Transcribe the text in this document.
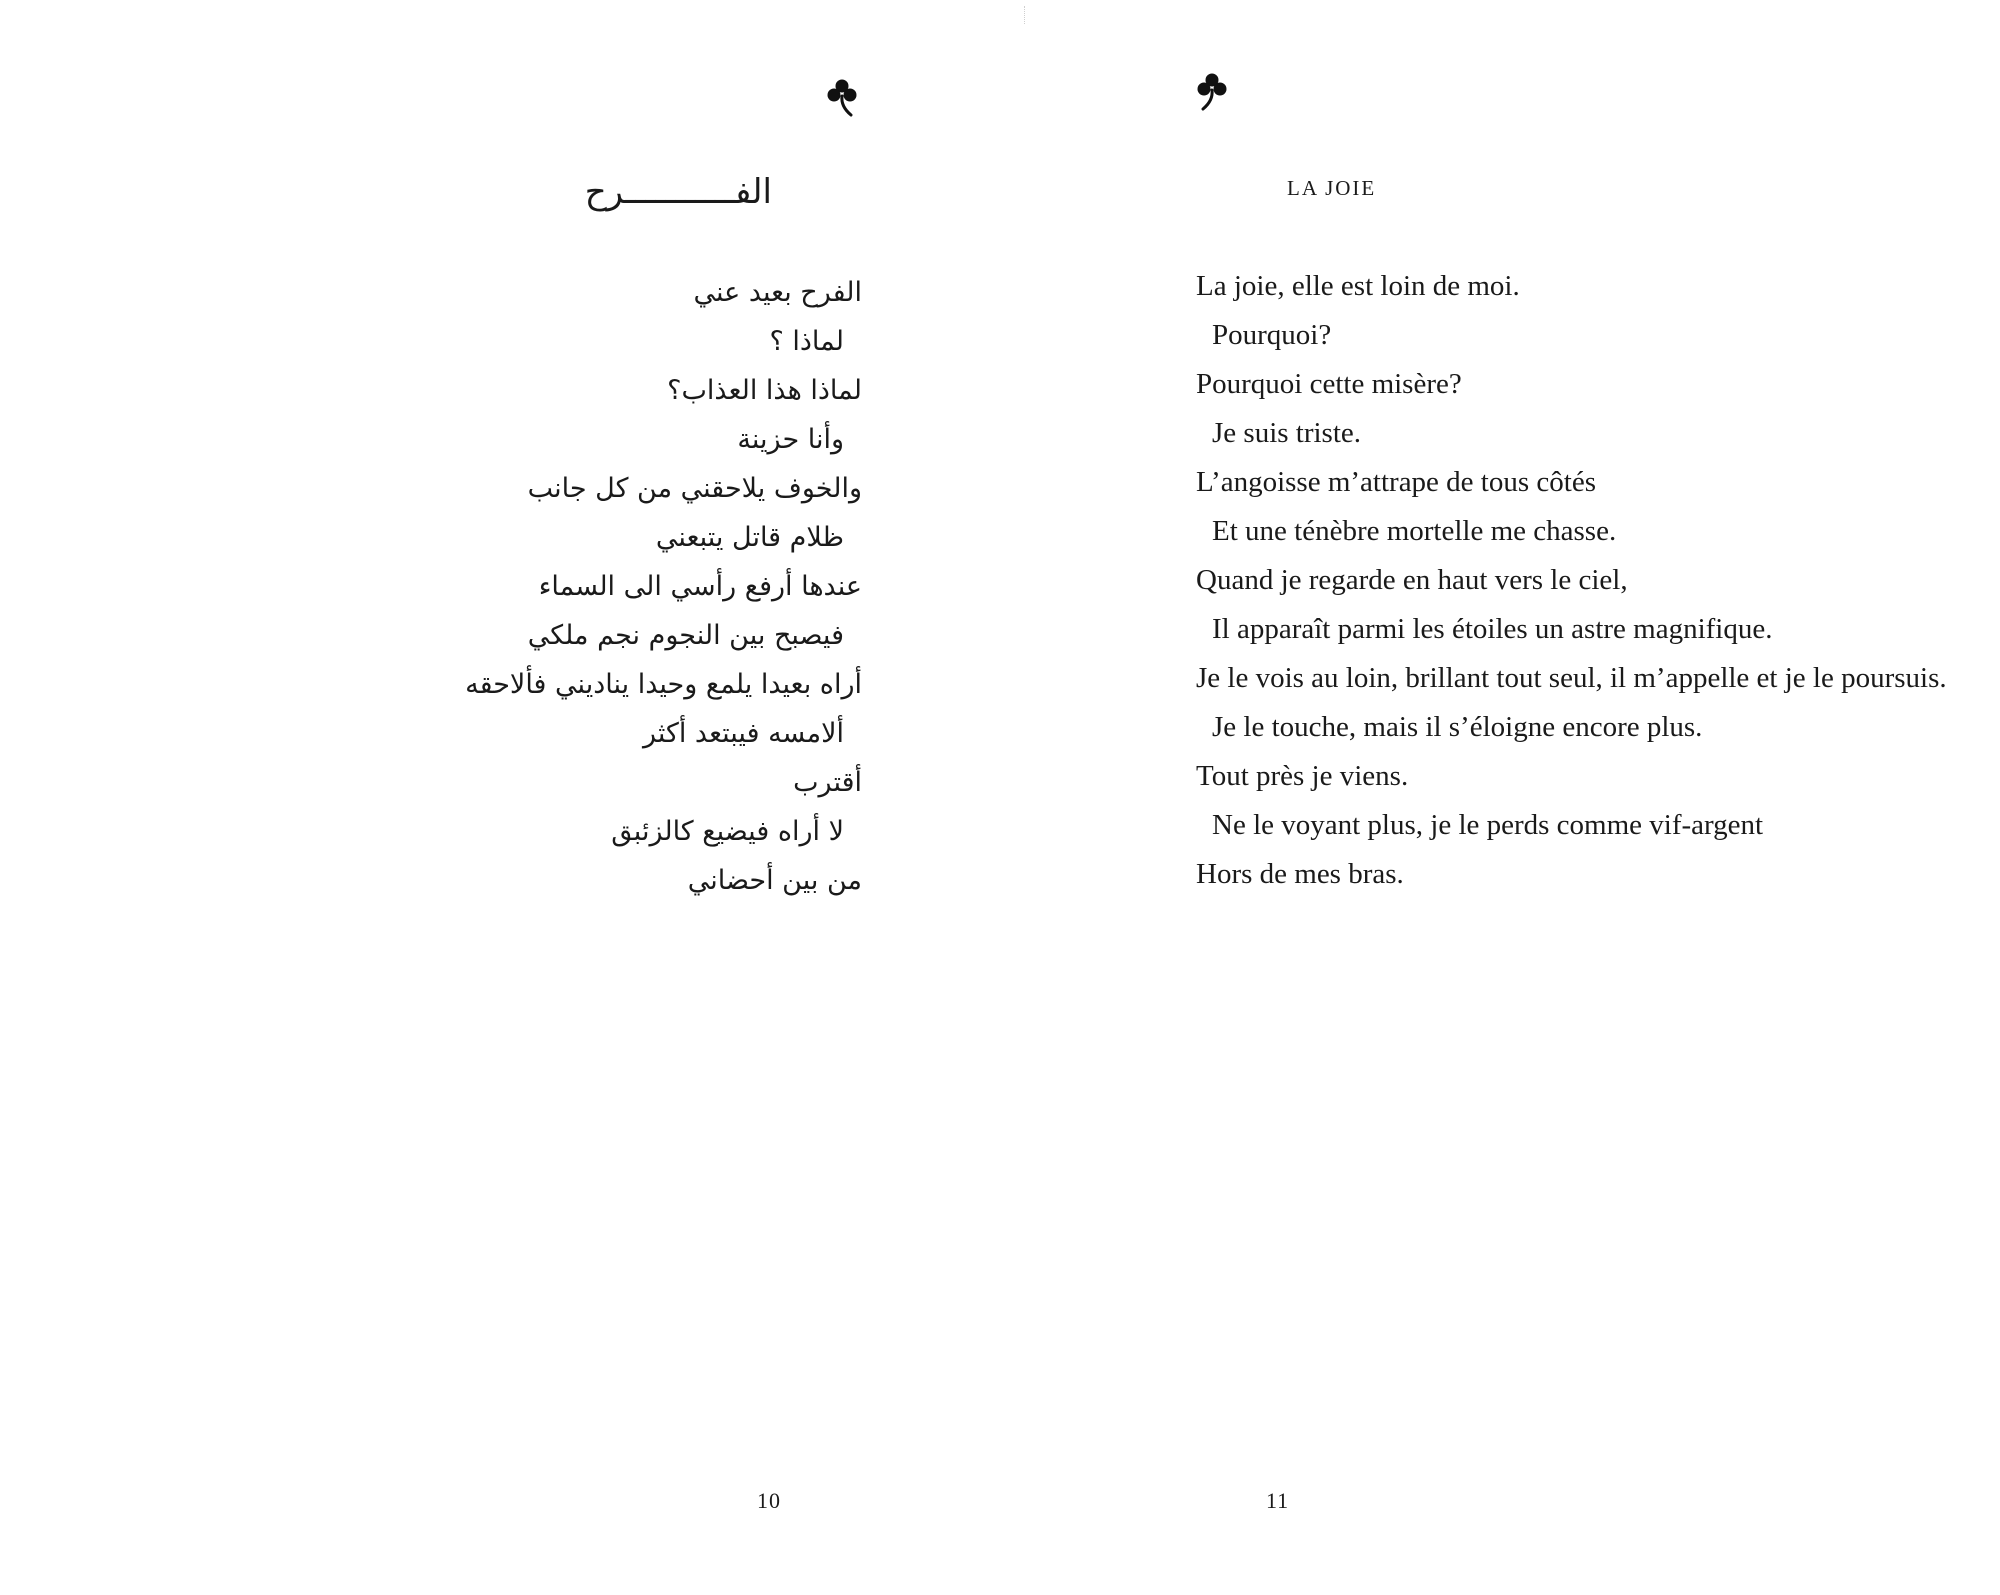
الفـــــــــــرح
الفرح بعيد عني
لماذا ؟
لماذا هذا العذاب؟
وأنا حزينة
والخوف يلاحقني من كل جانب
ظلام قاتل يتبعني
عندها أرفع رأسي الى السماء
فيصبح بين النجوم نجم ملكي
أراه بعيدا يلمع وحيدا يناديني فألاحقه
ألامسه فيبتعد أكثر
أقترب
لا أراه فيضيع كالزئبق
من بين أحضاني
10
LA JOIE
La joie, elle est loin de moi.
Pourquoi?
Pourquoi cette misère?
Je suis triste.
L’angoisse m’attrape de tous côtés
Et une ténèbre mortelle me chasse.
Quand je regarde en haut vers le ciel,
Il apparaît parmi les étoiles un astre magnifique.
Je le vois au loin, brillant tout seul, il m’appelle et je le poursuis.
Je le touche, mais il s’éloigne encore plus.
Tout près je viens.
Ne le voyant plus, je le perds comme vif-argent
Hors de mes bras.
11
